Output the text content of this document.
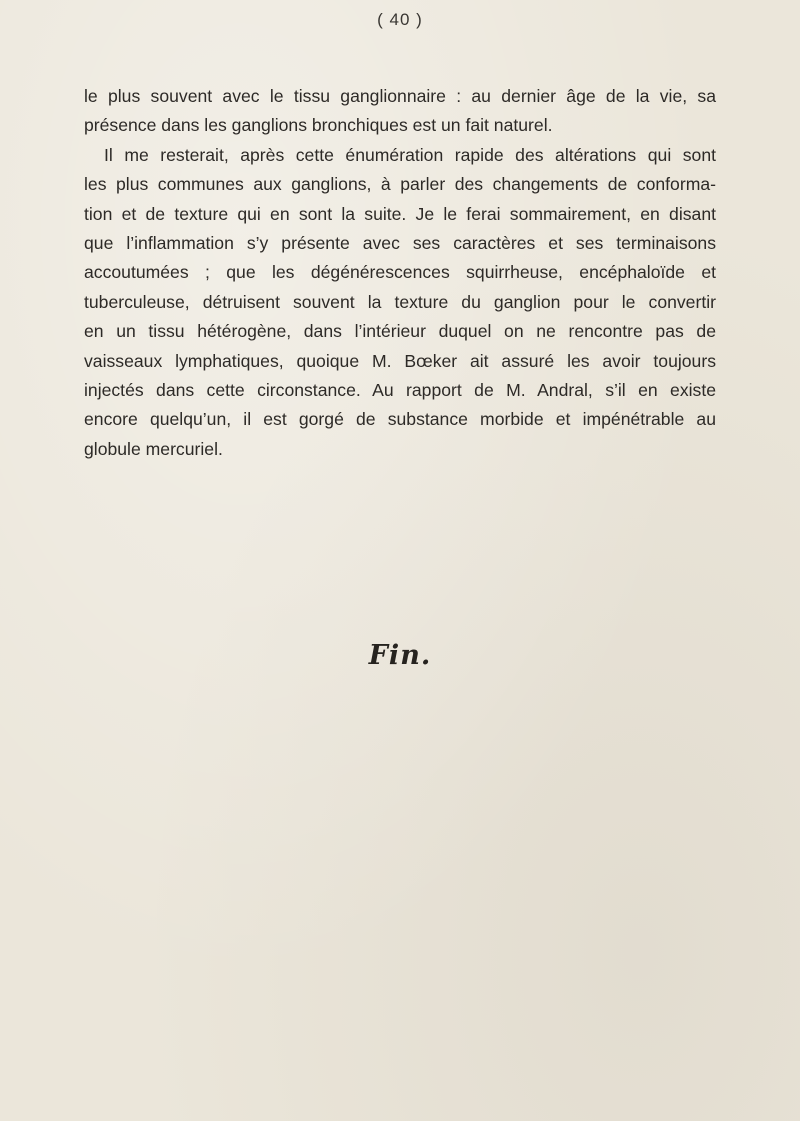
( 40 )
le plus souvent avec le tissu ganglionnaire : au dernier âge de la vie, sa
présence dans les ganglions bronchiques est un fait naturel.
Il me resterait, après cette énumération rapide des altérations qui sont
les plus communes aux ganglions, à parler des changements de conforma-
tion et de texture qui en sont la suite. Je le ferai sommairement, en disant
que l’inflammation s’y présente avec ses caractères et ses terminaisons
accoutumées ; que les dégénérescences squirrheuse, encéphaloïde et
tuberculeuse, détruisent souvent la texture du ganglion pour le convertir
en un tissu hétérogène, dans l’intérieur duquel on ne rencontre pas de
vaisseaux lymphatiques, quoique M. Bœker ait assuré les avoir toujours
injectés dans cette circonstance. Au rapport de M. Andral, s’il en existe
encore quelqu’un, il est gorgé de substance morbide et impénétrable au
globule mercuriel.
Fin.
